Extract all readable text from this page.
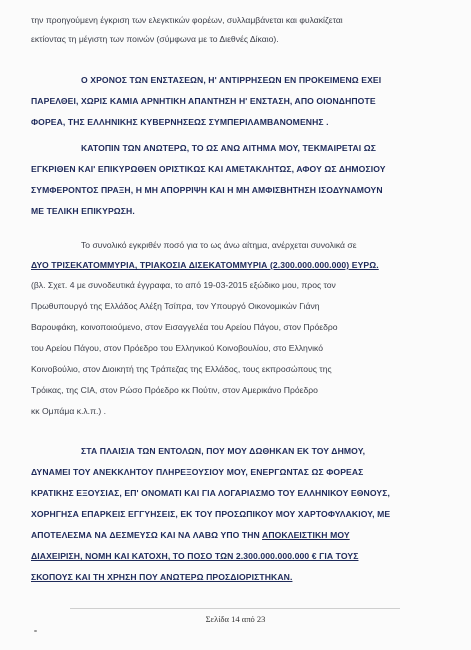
την προηγούμενη έγκριση των ελεγκτικών φορέων, συλλαμβάνεται και φυλακίζεται
εκτίοντας τη μέγιστη των ποινών (σύμφωνα με το Διεθνές Δίκαιο).
Ο ΧΡΟΝΟΣ ΤΩΝ ΕΝΣΤΑΣΕΩΝ, Η' ΑΝΤΙΡΡΗΣΕΩΝ ΕΝ ΠΡΟΚΕΙΜΕΝΩ ΕΧΕΙ
ΠΑΡΕΛΘΕΙ, ΧΩΡΙΣ ΚΑΜΙΑ ΑΡΝΗΤΙΚΗ ΑΠΑΝΤΗΣΗ Η' ΕΝΣΤΑΣΗ, ΑΠΟ ΟΙΟΝΔΗΠΟΤΕ
ΦΟΡΕΑ, ΤΗΣ ΕΛΛΗΝΙΚΗΣ ΚΥΒΕΡΝΗΣΕΩΣ ΣΥΜΠΕΡΙΛΑΜΒΑΝΟΜΕΝΗΣ .
ΚΑΤΟΠΙΝ ΤΩΝ ΑΝΩΤΕΡΩ, ΤΟ ΩΣ ΑΝΩ ΑΙΤΗΜΑ ΜΟΥ, ΤΕΚΜΑΙΡΕΤΑΙ ΩΣ
ΕΓΚΡΙΘΕΝ ΚΑΙ' ΕΠΙΚΥΡΩΘΕΝ ΟΡΙΣΤΙΚΩΣ ΚΑΙ ΑΜΕΤΑΚΛΗΤΩΣ, ΑΦΟΥ ΩΣ ΔΗΜΟΣΙΟΥ
ΣΥΜΦΕΡΟΝΤΟΣ ΠΡΑΞΗ, Η ΜΗ ΑΠΟΡΡΙΨΗ ΚΑΙ Η ΜΗ ΑΜΦΙΣΒΗΤΗΣΗ ΙΣΟΔΥΝΑΜΟΥΝ
ΜΕ ΤΕΛΙΚΗ ΕΠΙΚΥΡΩΣΗ.
Το συνολικό εγκριθέν ποσό για το ως άνω αίτημα, ανέρχεται συνολικά σε
ΔΥΟ ΤΡΙΣΕΚΑΤΟΜΜΥΡΙΑ, ΤΡΙΑΚΟΣΙΑ ΔΙΣΕΚΑΤΟΜΜΥΡΙΑ (2.300.000.000.000) ΕΥΡΩ.
(βλ. Σχετ. 4 με συνοδευτικά έγγραφα, το από 19-03-2015 εξώδικο μου, προς τον
Πρωθυπουργό της Ελλάδος Αλέξη Τσίπρα, τον Υπουργό Οικονομικών Γιάνη
Βαρουφάκη, κοινοποιούμενο, στον Εισαγγελέα του Αρείου Πάγου, στον Πρόεδρο
του Αρείου Πάγου, στον Πρόεδρο του Ελληνικού Κοινοβουλίου, στο Ελληνικό
Κοινοβούλιο, στον Διοικητή της Τράπεζας της Ελλάδος, τους εκπροσώπους της
Τρόικας, της CIA, στον Ρώσο Πρόεδρο κκ Πούτιν, στον Αμερικάνο Πρόεδρο
κκ Ομπάμα κ.λ.π.) .
ΣΤΑ ΠΛΑΙΣΙΑ ΤΩΝ ΕΝΤΟΛΩΝ, ΠΟΥ ΜΟΥ ΔΩΘΗΚΑΝ ΕΚ ΤΟΥ ΔΗΜΟΥ,
ΔΥΝΑΜΕΙ ΤΟΥ ΑΝΕΚΚΛΗΤΟΥ ΠΛΗΡΕΞΟΥΣΙΟΥ ΜΟΥ, ΕΝΕΡΓΩΝΤΑΣ ΩΣ ΦΟΡΕΑΣ
ΚΡΑΤΙΚΗΣ ΕΞΟΥΣΙΑΣ, ΕΠ' ΟΝΟΜΑΤΙ ΚΑΙ ΓΙΑ ΛΟΓΑΡΙΑΣΜΟ ΤΟΥ ΕΛΛΗΝΙΚΟΥ ΕΘΝΟΥΣ,
ΧΟΡΗΓΗΣΑ ΕΠΑΡΚΕΙΣ ΕΓΓΥΗΣΕΙΣ, ΕΚ ΤΟΥ ΠΡΟΣΩΠΙΚΟΥ ΜΟΥ ΧΑΡΤΟΦΥΛΑΚΙΟΥ, ΜΕ
ΑΠΟΤΕΛΕΣΜΑ ΝΑ ΔΕΣΜΕΥΣΩ ΚΑΙ ΝΑ ΛΑΒΩ ΥΠΟ ΤΗΝ ΑΠΟΚΛΕΙΣΤΙΚΗ ΜΟΥ
ΔΙΑΧΕΙΡΙΣΗ, ΝΟΜΗ ΚΑΙ ΚΑΤΟΧΗ, ΤΟ ΠΟΣΟ ΤΩΝ 2.300.000.000.000 € ΓΙΑ ΤΟΥΣ
ΣΚΟΠΟΥΣ ΚΑΙ ΤΗ ΧΡΗΣΗ ΠΟΥ ΑΝΩΤΕΡΩ ΠΡΟΣΔΙΟΡΙΣΤΗΚΑΝ.
Σελίδα 14 από 23
